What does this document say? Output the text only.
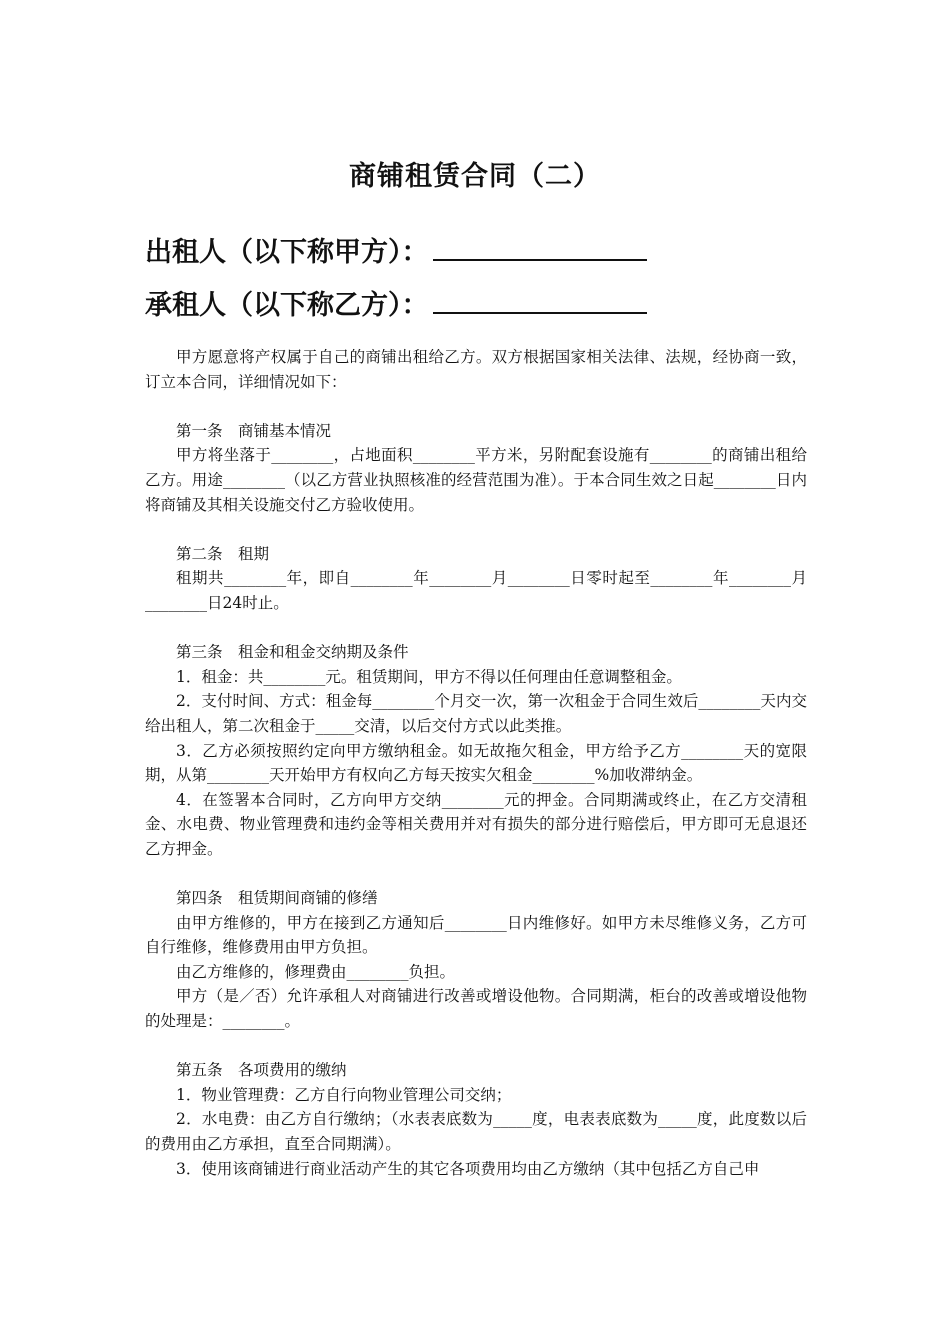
商铺租赁合同（二）
出租人（以下称甲方）：
承租人（以下称乙方）：

甲方愿意将产权属于自己的商铺出租给乙方。双方根据国家相关法律、法规，经协商一致，订立本合同，详细情况如下：

第一条　商铺基本情况

甲方将坐落于________，占地面积________平方米，另附配套设施有________的商铺出租给乙方。用途________（以乙方营业执照核准的经营范围为准）。于本合同生效之日起________日内将商铺及其相关设施交付乙方验收使用。

第二条　租期

租期共________年，即自________年________月________日零时起至________年________月________日24时止。

第三条　租金和租金交纳期及条件

1．租金：共________元。租赁期间，甲方不得以任何理由任意调整租金。

2．支付时间、方式：租金每________个月交一次，第一次租金于合同生效后________天内交给出租人，第二次租金于_____交清，以后交付方式以此类推。

3．乙方必须按照约定向甲方缴纳租金。如无故拖欠租金，甲方给予乙方________天的宽限期，从第________天开始甲方有权向乙方每天按实欠租金________%加收滞纳金。

4．在签署本合同时，乙方向甲方交纳________元的押金。合同期满或终止，在乙方交清租金、水电费、物业管理费和违约金等相关费用并对有损失的部分进行赔偿后，甲方即可无息退还乙方押金。

第四条　租赁期间商铺的修缮

由甲方维修的，甲方在接到乙方通知后________日内维修好。如甲方未尽维修义务，乙方可自行维修，维修费用由甲方负担。

由乙方维修的，修理费由________负担。

甲方（是／否）允许承租人对商铺进行改善或增设他物。合同期满，柜台的改善或增设他物的处理是：________。

第五条　各项费用的缴纳

1．物业管理费：乙方自行向物业管理公司交纳；

2．水电费：由乙方自行缴纳；（水表表底数为_____度，电表表底数为_____度，此度数以后的费用由乙方承担，直至合同期满）。

3．使用该商铺进行商业活动产生的其它各项费用均由乙方缴纳（其中包括乙方自己申
